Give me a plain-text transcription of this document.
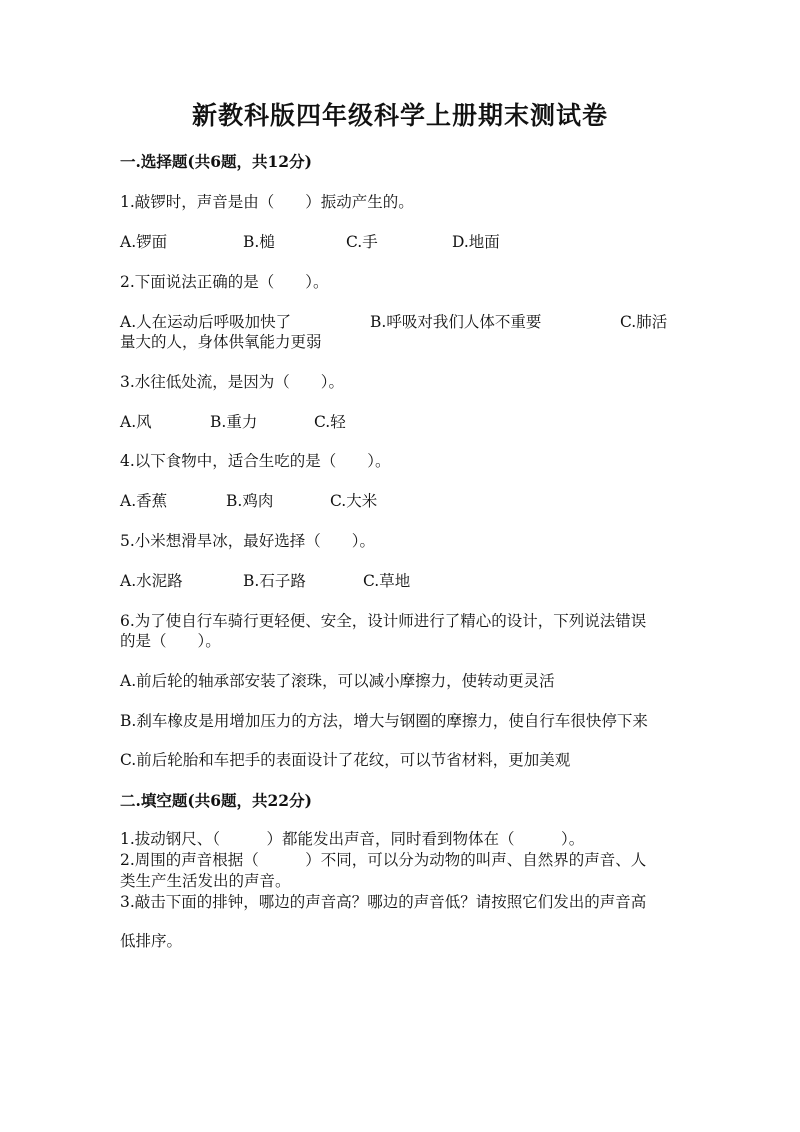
新教科版四年级科学上册期末测试卷
一.选择题(共6题，共12分)
1.敲锣时，声音是由（　　）振动产生的。
A.锣面	B.槌	C.手	D.地面
2.下面说法正确的是（　　）。
A.人在运动后呼吸加快了	B.呼吸对我们人体不重要	C.肺活
量大的人，身体供氧能力更弱
3.水往低处流，是因为（　　）。
A.风	B.重力	C.轻
4.以下食物中，适合生吃的是（　　）。
A.香蕉	B.鸡肉	C.大米
5.小米想滑旱冰，最好选择（　　）。
A.水泥路	B.石子路	C.草地
6.为了使自行车骑行更轻便、安全，设计师进行了精心的设计，下列说法错误
的是（　　）。
A.前后轮的轴承部安装了滚珠，可以减小摩擦力，使转动更灵活
B.刹车橡皮是用增加压力的方法，增大与钢圈的摩擦力，使自行车很快停下来
C.前后轮胎和车把手的表面设计了花纹，可以节省材料，更加美观
二.填空题(共6题，共22分)
1.拔动钢尺、（　　　）都能发出声音，同时看到物体在（　　　）。
2.周围的声音根据（　　　）不同，可以分为动物的叫声、自然界的声音、人
类生产生活发出的声音。
3.敲击下面的排钟，哪边的声音高？哪边的声音低？请按照它们发出的声音高
低排序。
